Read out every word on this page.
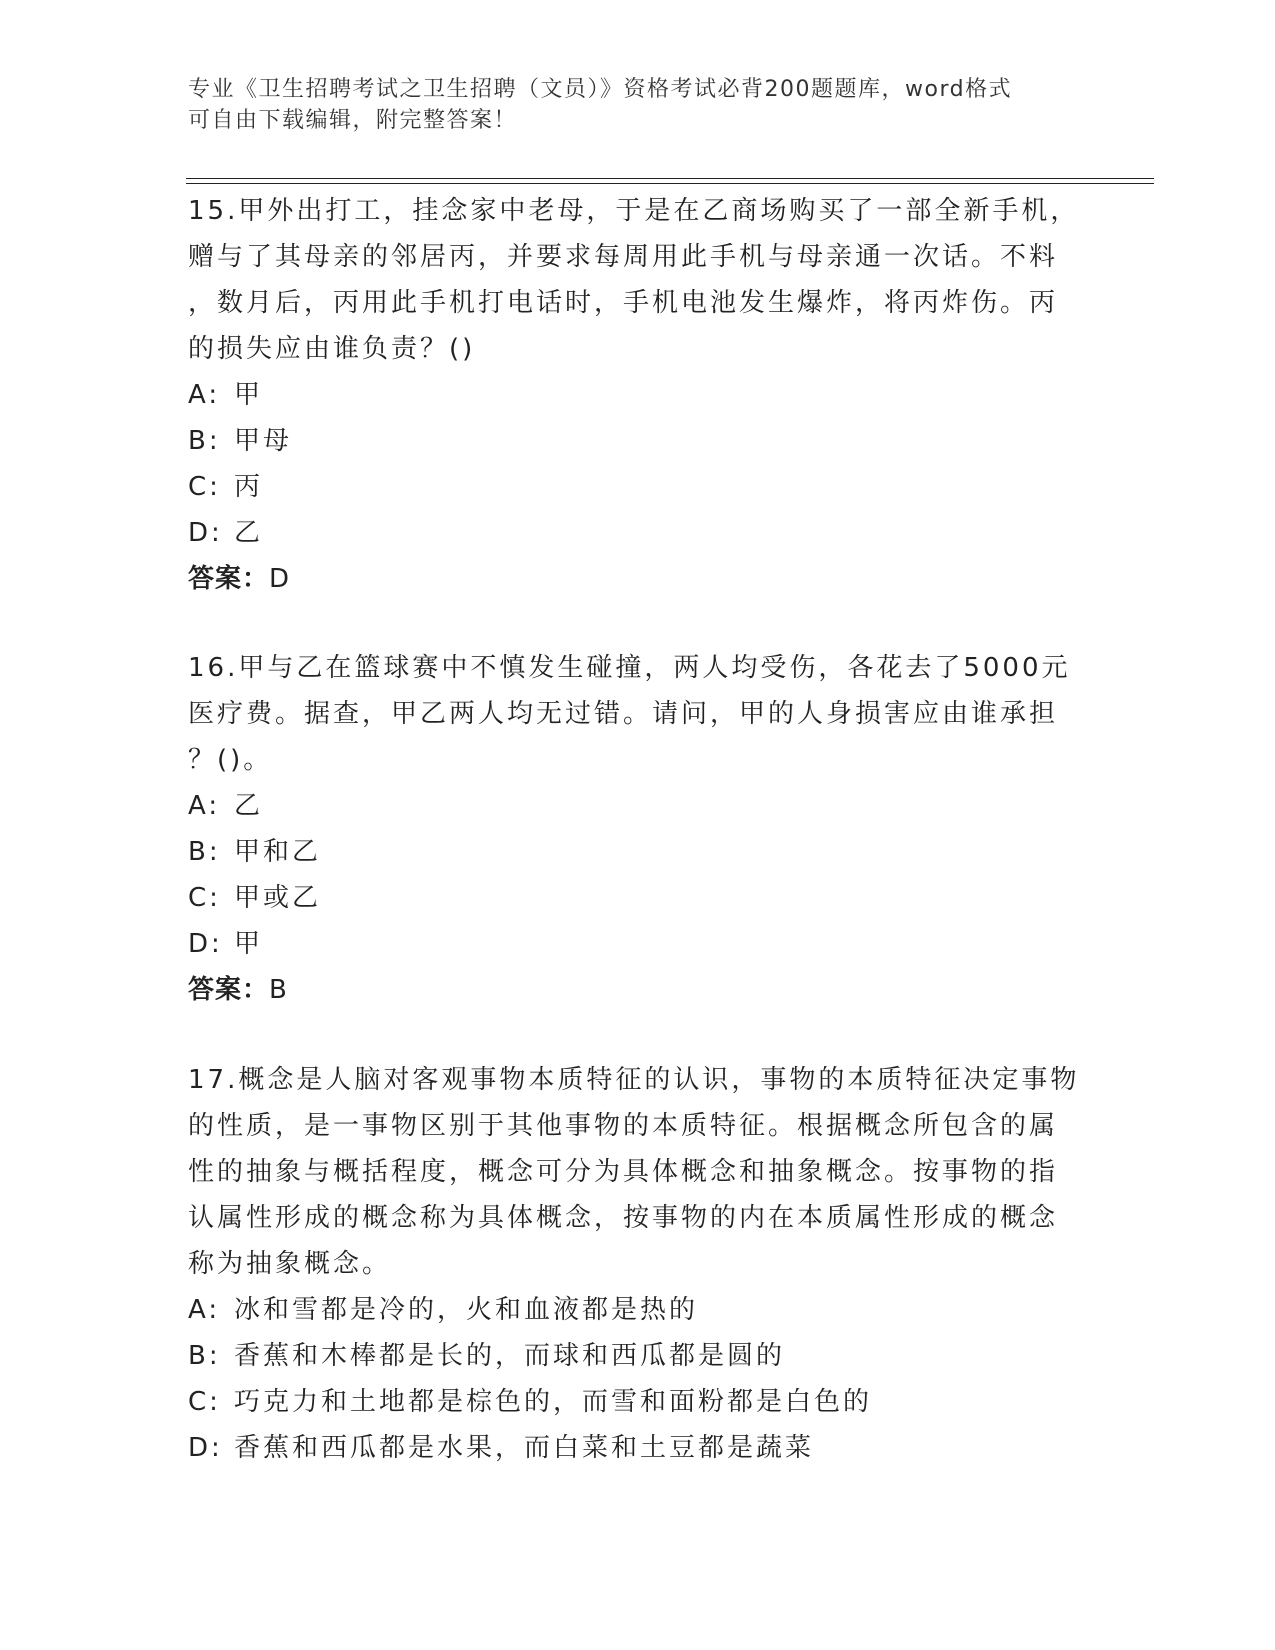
专业《卫生招聘考试之卫生招聘（文员）》资格考试必背200题题库，word格式
可自由下载编辑，附完整答案！
15.甲外出打工，挂念家中老母，于是在乙商场购买了一部全新手机，
赠与了其母亲的邻居丙，并要求每周用此手机与母亲通一次话。不料
，数月后，丙用此手机打电话时，手机电池发生爆炸，将丙炸伤。丙
的损失应由谁负责？()
A: 甲
B: 甲母
C: 丙
D: 乙
答案：D
16.甲与乙在篮球赛中不慎发生碰撞，两人均受伤，各花去了5000元
医疗费。据查，甲乙两人均无过错。请问，甲的人身损害应由谁承担
？()。
A: 乙
B: 甲和乙
C: 甲或乙
D: 甲
答案：B
17.概念是人脑对客观事物本质特征的认识，事物的本质特征决定事物
的性质，是一事物区别于其他事物的本质特征。根据概念所包含的属
性的抽象与概括程度，概念可分为具体概念和抽象概念。按事物的指
认属性形成的概念称为具体概念，按事物的内在本质属性形成的概念
称为抽象概念。
A: 冰和雪都是冷的，火和血液都是热的
B: 香蕉和木棒都是长的，而球和西瓜都是圆的
C: 巧克力和土地都是棕色的，而雪和面粉都是白色的
D: 香蕉和西瓜都是水果，而白菜和土豆都是蔬菜
